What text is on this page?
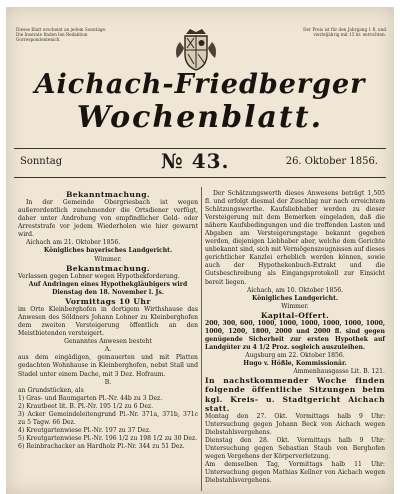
Dieses Blatt erscheint an jedem Sonntage. Die Inserate finden bei Redaktion Gorrespondentenich.
Der Preis ist für den Jahrgang 1 fl. und vierteljährig mit 15 kr. entrichten.
Aichach-Friedberger
Wochenblatt.
Sonntag	№ 43.	26. Oktober 1856.

Bekanntmachung.

In der Gemeinde Obergriesbach ist wegen außerordentlich zunehmender die Ortsdiener verfügt, daher unter Androhung von empfindlicher Geld- oder Arreststrafe vor jedem Wiederholen wie hier gewarnt wird.

Aichach am 21. Oktober 1856.

Königliches bayerisches Landgericht.

Wimmer.

Bekanntmachung.

Verlassen gegen Lohner wegen Hypothekforderung.

Auf Andringen eines Hypothekgläubigers wird Dienstag den 18. November l. Js.

Vormittags 10 Uhr

im Orte Kleinberghofen in dortigem Wirthshause das Anwesen des Söldners Johann Lohner zu Kleinberghofen dem zweiten Versteigerung öffentlich an den Meistbietenden versteigert.

Genanntes Anwesen besteht

A.

aus dem eingädigen, gemauerten und mit Platten gedachten Wohnhause in Kleinberghofen, nebst Stall und Stadel unter einem Dache, mit 3 Dez. Hofraum.

B.

an Grundstücken, als

1) Gras- und Baumgarten Pl.-Nr. 44b zu 3 Dez.

2) Krautbeet lit. B. Pl.-Nr. 195 1/2 zu 6 Dez.

3) Acker Gemeindeleitengrund Pl.-Nr. 371a, 371b, 371c zu 5 Tagw. 66 Dez.

4) Kreutgartenwiese Pl.-Nr. 197 zu 37 Dez.

5) Kreutgartenwiese Pl.-Nr. 196 1/2 zu 198 1/2 zu 30 Dez.

6) Reinbrachacker an Hardholz Pl.-Nr. 344 zu 51 Dez.

Der Schätzungswerth dieses Anwesens beträgt 1,505 fl. und erfolgt diesmal der Zuschlag nur nach erreichtem Schätzungswerthe. Kaufsliebhaber werden zu dieser Versteigerung mit dem Bemerken eingeladen, daß die nähern Kaufsbedingungen und die treffenden Lasten und Abgaben am Versteigerungstage bekannt gegeben werden, diejenigen Liebhaber aber, welche dem Gerichte unbekannt sind, sich mit Vermögenszeugnissen auf dieses gerichtlicher Kanzlei erheblich werden können, sowie auch der Hypothekenbuch-Extrakt und die Gutsbeschreibung als Eingangsprotokoll zur Einsicht bereit liegen.

Aichach, am 10. Oktober 1856.

Königliches Landgericht.

Wimmer.

Kapital-Offert.

200, 300, 600, 1000, 1000, 1000, 1000, 1000, 1000, 1000, 1200, 1800, 2000 und 2000 fl. sind gegen genügende Sicherheit zur ersten Hypothek auf Landgüter zu 4 1/2 Proz. sogleich auszuleihen.

Augsburg am 22. Oktober 1856.

Hugo v. Hößle, Kommissionär.

Ammenhausgasse Lit. B. 121.

In nachstkommender Woche finden folgende öffentliche Sitzungen beim kgl. Kreis- u. Stadtgericht Aichach statt.

Montag den 27. Okt. Vormittags halb 9 Uhr: Untersuchung gegen Johann Beck von Aichach wegen Diebstahlsvergehens.

Dienstag den 28. Okt. Vormittags halb 9 Uhr: Untersuchung gegen Sebastian Staub von Berghofen wegen Vergehens der Körperverletzung.

Am demselben Tag, Vormittags halb 11 Uhr: Untersuchung gegen Mathias Kellner von Aichach wegen Diebstahlsvergehens.
